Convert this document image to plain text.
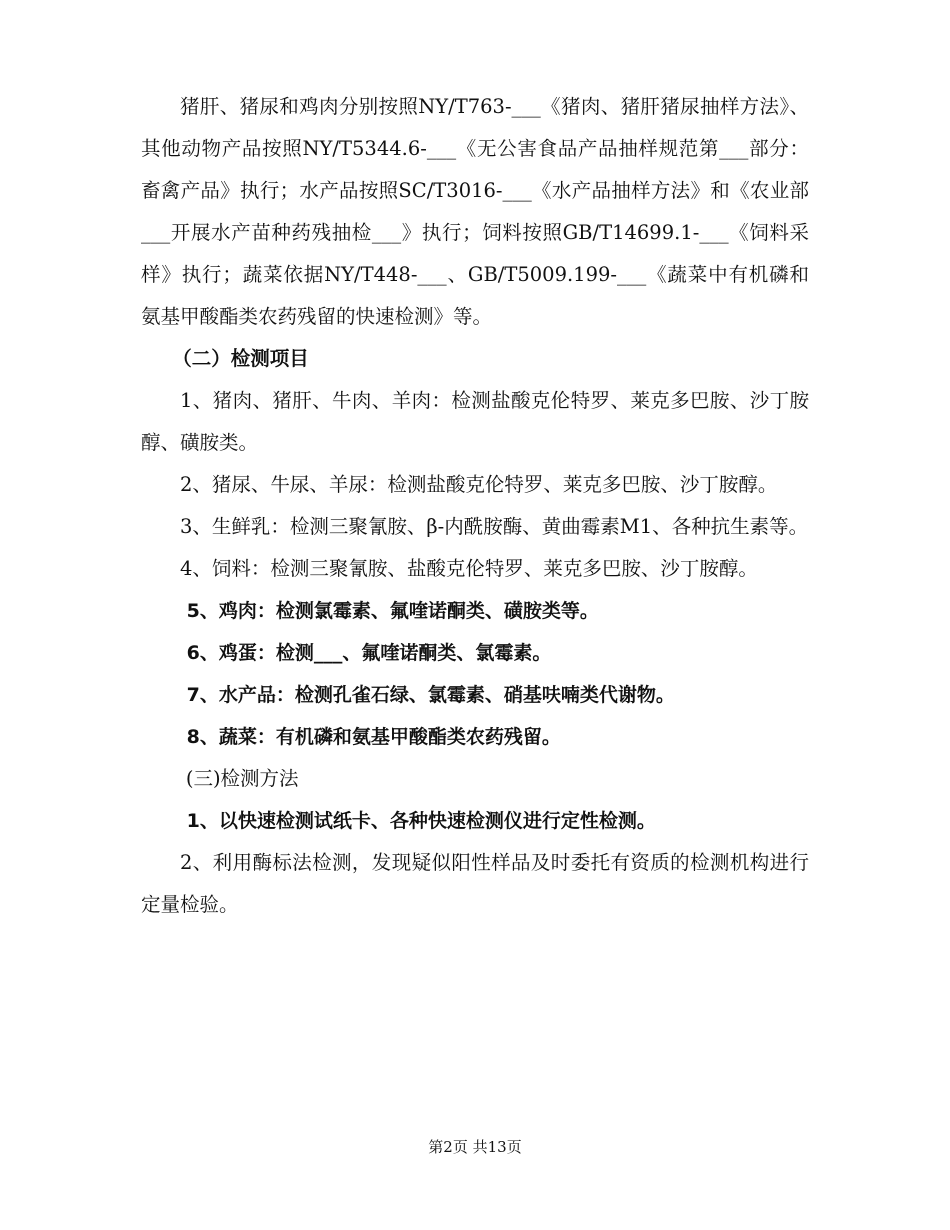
猪肝、猪尿和鸡肉分别按照NY/T763-___《猪肉、猪肝猪尿抽样方法》、其他动物产品按照NY/T5344.6-___《无公害食品产品抽样规范第___部分：畜禽产品》执行；水产品按照SC/T3016-___《水产品抽样方法》和《农业部___开展水产苗种药残抽检___》执行；饲料按照GB/T14699.1-___《饲料采样》执行；蔬菜依据NY/T448-___、GB/T5009.199-___《蔬菜中有机磷和氨基甲酸酯类农药残留的快速检测》等。

（二）检测项目

1、猪肉、猪肝、牛肉、羊肉：检测盐酸克伦特罗、莱克多巴胺、沙丁胺醇、磺胺类。

2、猪尿、牛尿、羊尿：检测盐酸克伦特罗、莱克多巴胺、沙丁胺醇。

3、生鲜乳：检测三聚氰胺、β-内酰胺酶、黄曲霉素M1、各种抗生素等。

4、饲料：检测三聚氰胺、盐酸克伦特罗、莱克多巴胺、沙丁胺醇。

5、鸡肉：检测氯霉素、氟喹诺酮类、磺胺类等。

6、鸡蛋：检测___、氟喹诺酮类、氯霉素。

7、水产品：检测孔雀石绿、氯霉素、硝基呋喃类代谢物。

8、蔬菜：有机磷和氨基甲酸酯类农药残留。

(三)检测方法

1、以快速检测试纸卡、各种快速检测仪进行定性检测。

2、利用酶标法检测，发现疑似阳性样品及时委托有资质的检测机构进行定量检验。

第2页 共13页
